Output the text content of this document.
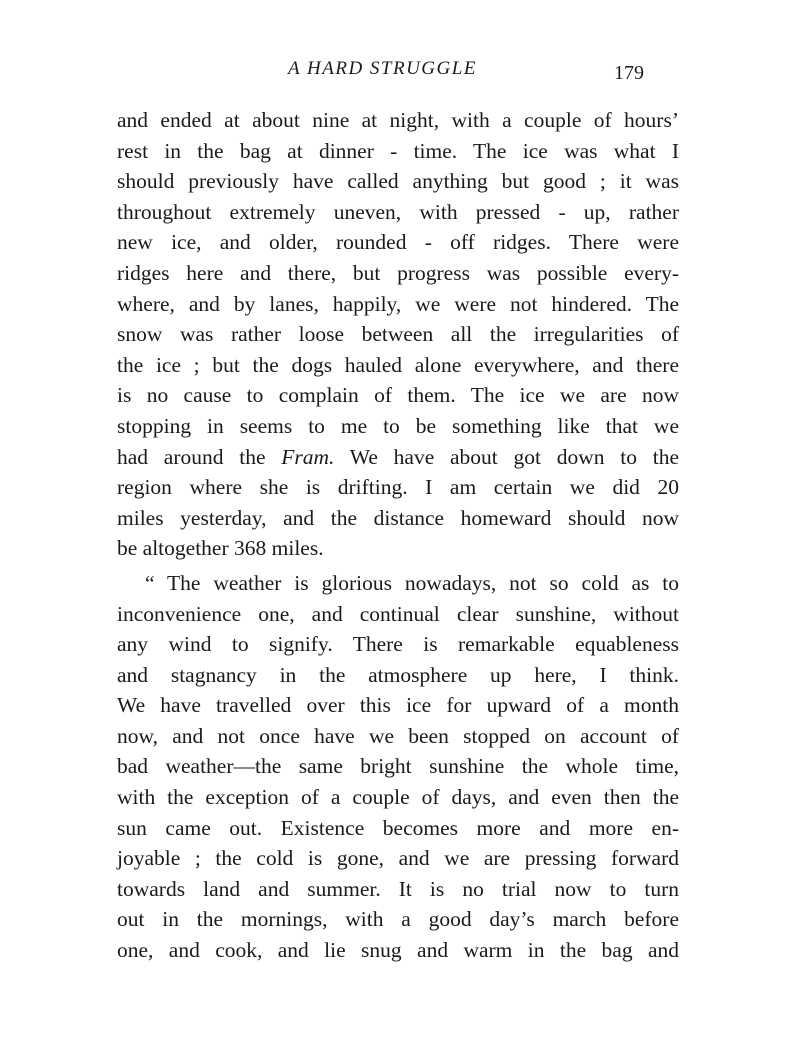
A HARD STRUGGLE	179
and ended at about nine at night, with a couple of hours’
rest in the bag at dinner - time. The ice was what I
should previously have called anything but good ; it was
throughout extremely uneven, with pressed - up, rather
new ice, and older, rounded - off ridges. There were
ridges here and there, but progress was possible every-
where, and by lanes, happily, we were not hindered. The
snow was rather loose between all the irregularities of
the ice ; but the dogs hauled alone everywhere, and there
is no cause to complain of them. The ice we are now
stopping in seems to me to be something like that we
had around the Fram. We have about got down to the
region where she is drifting. I am certain we did 20
miles yesterday, and the distance homeward should now
be altogether 368 miles.
“ The weather is glorious nowadays, not so cold as to
inconvenience one, and continual clear sunshine, without
any wind to signify. There is remarkable equableness
and stagnancy in the atmosphere up here, I think.
We have travelled over this ice for upward of a month
now, and not once have we been stopped on account of
bad weather—the same bright sunshine the whole time,
with the exception of a couple of days, and even then the
sun came out. Existence becomes more and more en-
joyable ; the cold is gone, and we are pressing forward
towards land and summer. It is no trial now to turn
out in the mornings, with a good day’s march before
one, and cook, and lie snug and warm in the bag and
